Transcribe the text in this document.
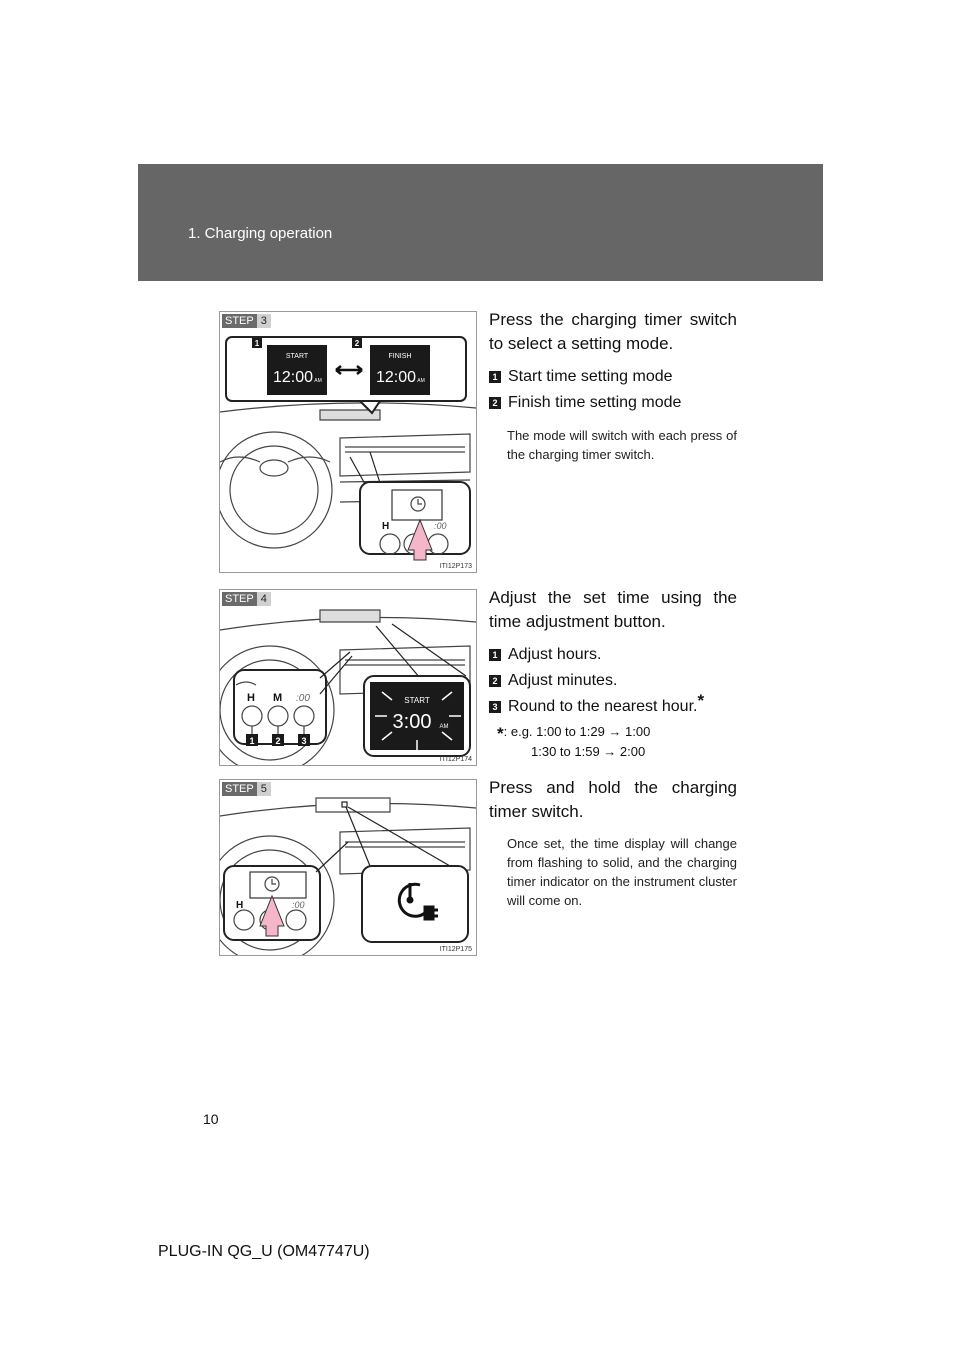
1. Charging operation
1	2
START
12:00 AM
FINISH
12:00 AM
H	:00
STEP 3
ITI12P173

Press the charging timer switch to select a setting mode.

1 Start time setting mode
2 Finish time setting mode

The mode will switch with each press of the charging timer switch.

START
3:00 AM
H M :00
1 2 3
STEP 4
ITI12P174

Adjust the set time using the time adjustment button.

1 Adjust hours.
2 Adjust minutes.
3 Round to the nearest hour. *
*: e.g. 1:00 to 1:29 → 1:00
1:30 to 1:59 → 2:00
H	:00
STEP 5
ITI12P175

Press and hold the charging timer switch.

Once set, the time display will change from flashing to solid, and the charging timer indicator on the instrument cluster will come on.

10
PLUG-IN QG_U (OM47747U)
